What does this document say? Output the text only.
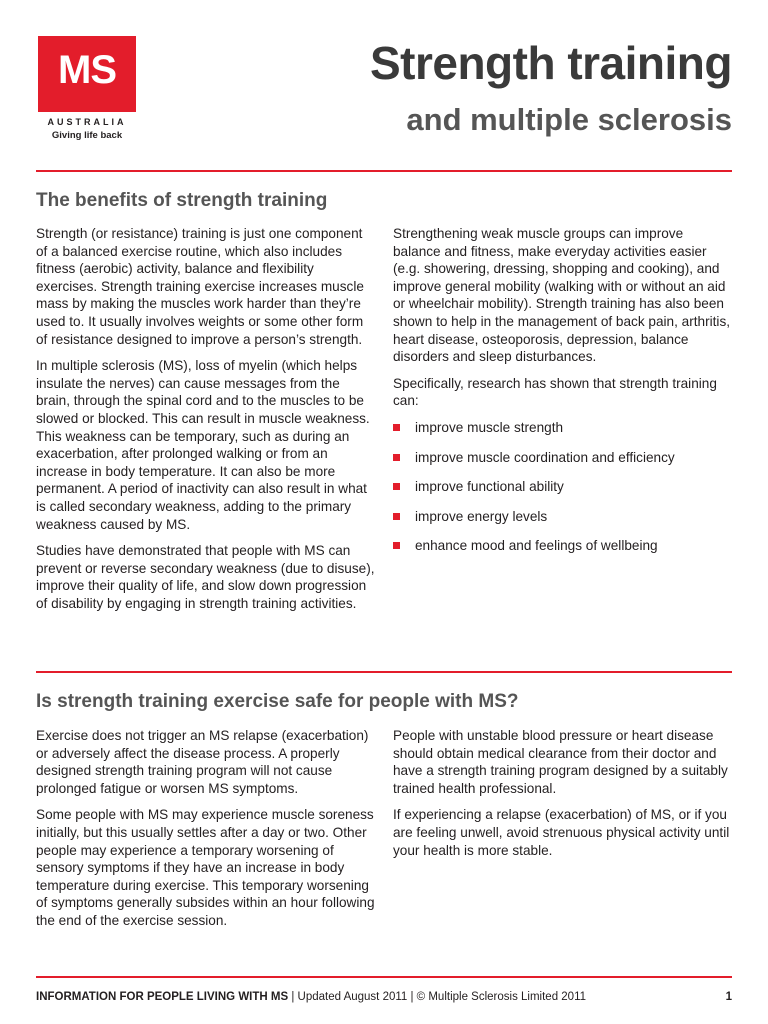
MS
AUSTRALIA
Giving life back
Strength training
and multiple sclerosis
The benefits of strength training

Strength (or resistance) training is just one component of a balanced exercise routine, which also includes fitness (aerobic) activity, balance and flexibility exercises. Strength training exercise increases muscle mass by making the muscles work harder than they’re used to. It usually involves weights or some other form of resistance designed to improve a person’s strength.

In multiple sclerosis (MS), loss of myelin (which helps insulate the nerves) can cause messages from the brain, through the spinal cord and to the muscles to be slowed or blocked. This can result in muscle weakness. This weakness can be temporary, such as during an exacerbation, after prolonged walking or from an increase in body temperature. It can also be more permanent. A period of inactivity can also result in what is called secondary weakness, adding to the primary weakness caused by MS.

Studies have demonstrated that people with MS can prevent or reverse secondary weakness (due to disuse), improve their quality of life, and slow down progression of disability by engaging in strength training activities.

Strengthening weak muscle groups can improve balance and fitness, make everyday activities easier (e.g. showering, dressing, shopping and cooking), and improve general mobility (walking with or without an aid or wheelchair mobility). Strength training has also been shown to help in the management of back pain, arthritis, heart disease, osteoporosis, depression, balance disorders and sleep disturbances.

Specifically, research has shown that strength training can:

improve muscle strength
improve muscle coordination and efficiency
improve functional ability
improve energy levels
enhance mood and feelings of wellbeing
Is strength training exercise safe for people with MS?

Exercise does not trigger an MS relapse (exacerbation) or adversely affect the disease process. A properly designed strength training program will not cause prolonged fatigue or worsen MS symptoms.

Some people with MS may experience muscle soreness initially, but this usually settles after a day or two. Other people may experience a temporary worsening of sensory symptoms if they have an increase in body temperature during exercise. This temporary worsening of symptoms generally subsides within an hour following the end of the exercise session.

People with unstable blood pressure or heart disease should obtain medical clearance from their doctor and have a strength training program designed by a suitably trained health professional.

If experiencing a relapse (exacerbation) of MS, or if you are feeling unwell, avoid strenuous physical activity until your health is more stable.

INFORMATION FOR PEOPLE LIVING WITH MS | Updated August 2011 | © Multiple Sclerosis Limited 2011	1
